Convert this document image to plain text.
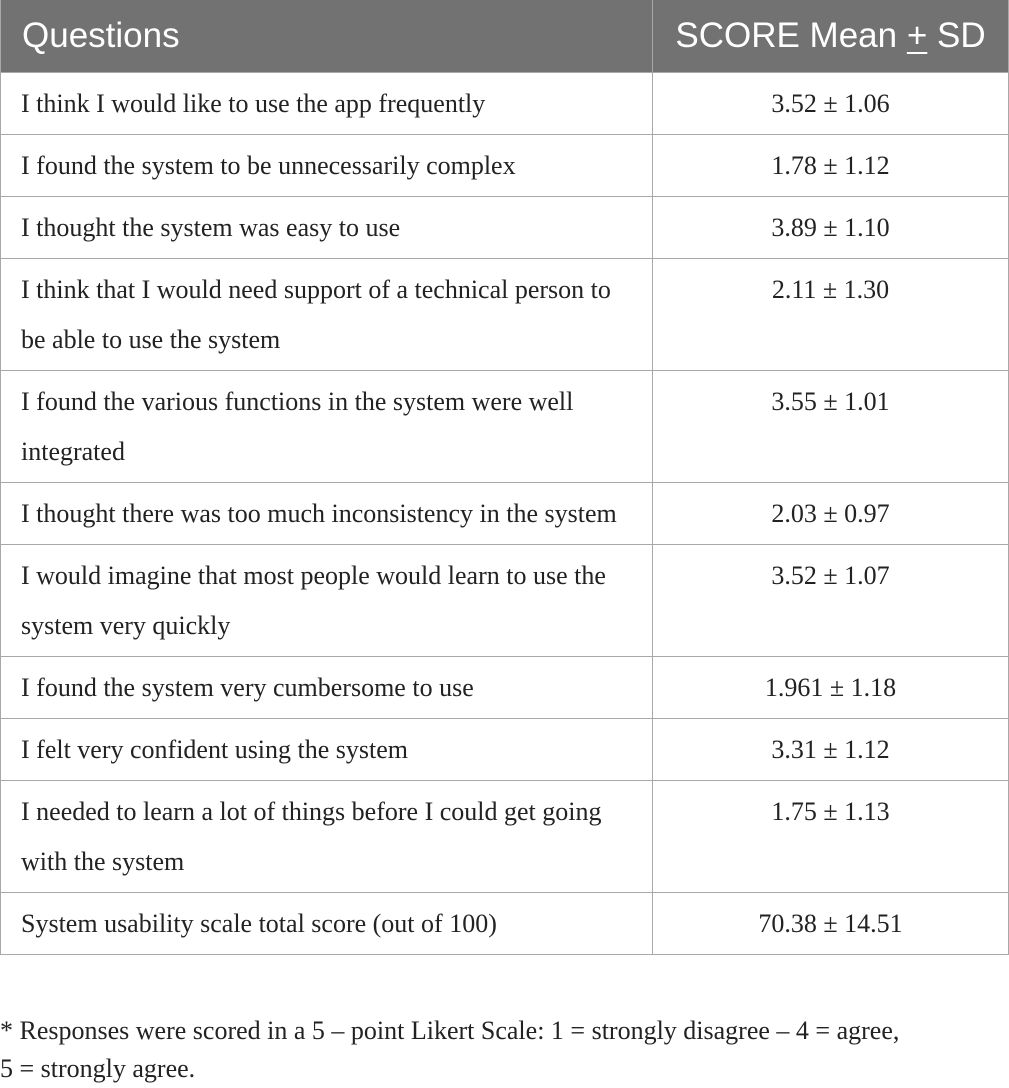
Questions	SCORE Mean + SD
I think I would like to use the app frequently	3.52 ± 1.06
I found the system to be unnecessarily complex	1.78 ± 1.12
I thought the system was easy to use	3.89 ± 1.10
I think that I would need support of a technical person to be able to use the system	2.11 ± 1.30
I found the various functions in the system were well integrated	3.55 ± 1.01
I thought there was too much inconsistency in the system	2.03 ± 0.97
I would imagine that most people would learn to use the system very quickly	3.52 ± 1.07
I found the system very cumbersome to use	1.961 ± 1.18
I felt very confident using the system	3.31 ± 1.12
I needed to learn a lot of things before I could get going with the system	1.75 ± 1.13
System usability scale total score (out of 100)	70.38 ± 14.51
* Responses were scored in a 5 – point Likert Scale: 1 = strongly disagree – 4 = agree,
5 = strongly agree.
